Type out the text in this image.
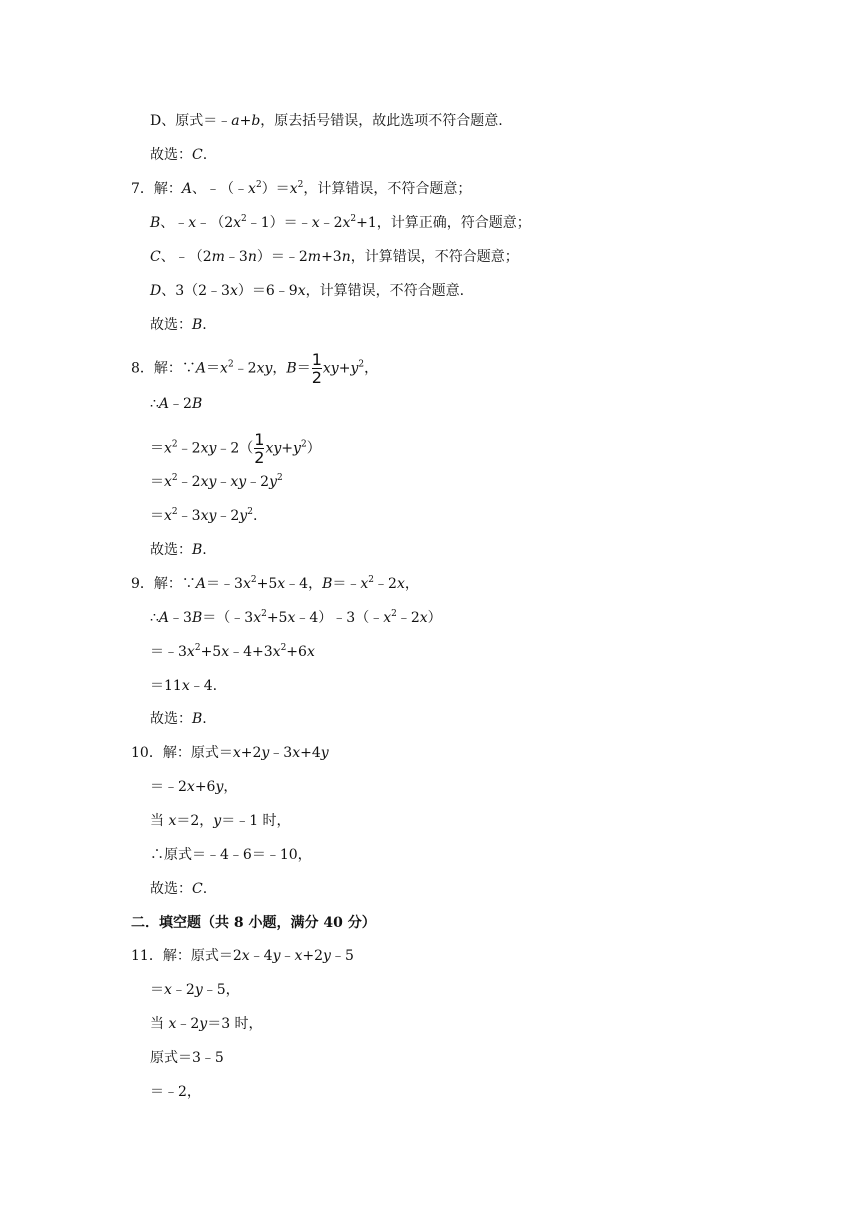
D、原式＝﹣a+b，原去括号错误，故此选项不符合题意.
故选：C.
7．解：A、$﹣(﹣x^2)=x^2$，计算错误，不符合题意；
B、$﹣x﹣(2x^2﹣1)=﹣x﹣2x^2+1$，计算正确，符合题意；
C、﹣（2m﹣3n）＝﹣2m+3n，计算错误，不符合题意；
D、3（2﹣3x）＝6﹣9x，计算错误，不符合题意.
故选：B.
8．解：$\because A=x^2﹣2xy$，$B= \frac{1}{2} xy+y^2$，
∴A﹣2B
$=x^2﹣2xy﹣2( \frac{1}{2} xy+y^2)$
$=x^2﹣2xy﹣xy﹣2y^2$
$=x^2﹣3xy﹣2y^2$.
故选：B.
9．解：$\because A=﹣3x^2+5x﹣4$，$B=﹣x^2﹣2x$，
$\therefore A﹣3B=(﹣3x^2+5x﹣4)﹣3(﹣x^2﹣2x)$
$=﹣3x^2+5x﹣4+3x^2+6x$
＝11x﹣4.
故选：B.
10．解：原式＝x+2y﹣3x+4y
＝﹣2x+6y，
当 x＝2，y＝﹣1 时，
∴原式＝﹣4﹣6＝﹣10，
故选：C.
二．填空题（共 8 小题，满分 40 分）
11．解：原式＝2x﹣4y﹣x+2y﹣5
＝x﹣2y﹣5，
当 x﹣2y＝3 时，
原式＝3﹣5
＝﹣2，
